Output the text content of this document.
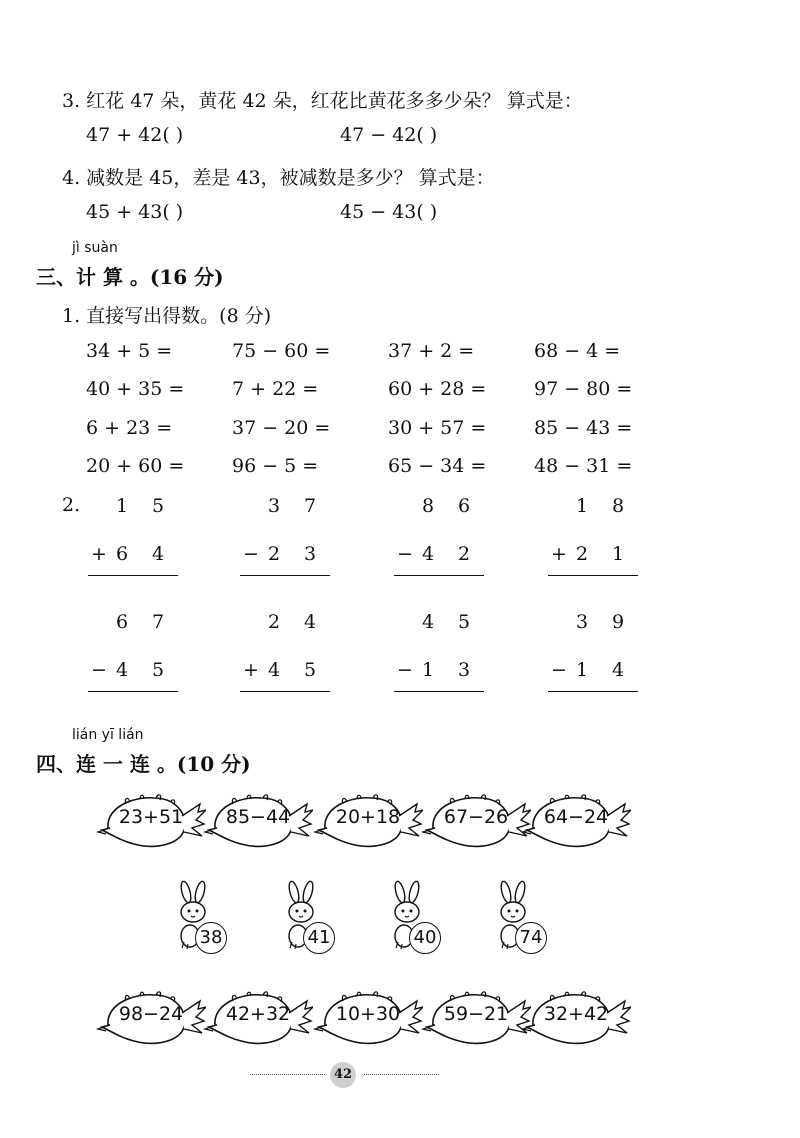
3. 红花 47 朵，黄花 42 朵，红花比黄花多多少朵？ 算式是：
47 + 42( )	47 − 42( )
4. 减数是 45，差是 43，被减数是多少？ 算式是：
45 + 43( )	45 − 43( )
jì suàn
三、计 算 。(16 分)
1. 直接写出得数。(8 分)
34 + 5 =	75 − 60 =	37 + 2 =	68 − 4 =
40 + 35 =	7 + 22 =	60 + 28 =	97 − 80 =
6 + 23 =	37 − 20 =	30 + 57 =	85 − 43 =
20 + 60 =	96 − 5 =	65 − 34 =	48 − 31 =
2.	1	5
+ 6	4
3	7
− 2	3
8	6
− 4	2
1	8
+ 2	1
6	7
− 4	5
2	4
+ 4	5
4	5
− 1	3
3	9
− 1	4
lián yī lián
四、连 一 连 。(10 分)
23+51 85−44 20+18 67−26 64−24
38	41	40	74
98−24 42+32 10+30 59−21 32+42
42
